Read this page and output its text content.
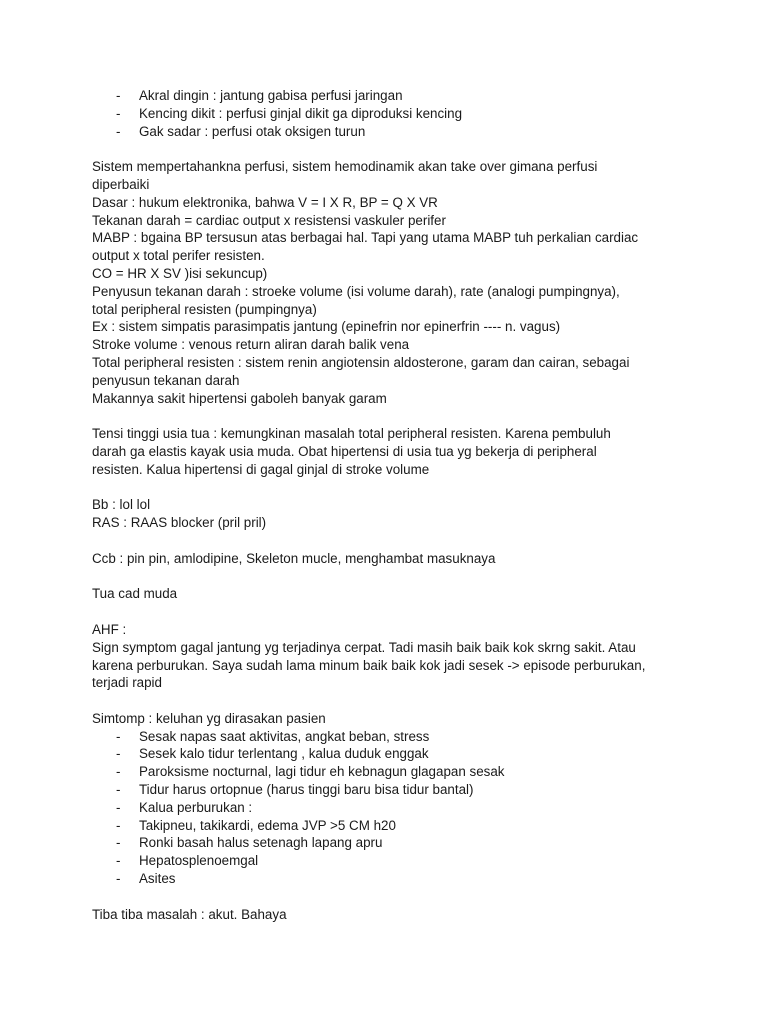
- Akral dingin : jantung gabisa perfusi jaringan
- Kencing dikit : perfusi ginjal dikit ga diproduksi kencing
- Gak sadar : perfusi otak oksigen turun
Sistem mempertahankna perfusi, sistem hemodinamik akan take over gimana perfusi
diperbaiki
Dasar : hukum elektronika, bahwa V = I X R, BP = Q X VR
Tekanan darah = cardiac output x resistensi vaskuler perifer
MABP : bgaina BP tersusun atas berbagai hal. Tapi yang utama MABP tuh perkalian cardiac
output x total perifer resisten.
CO = HR X SV )isi sekuncup)
Penyusun tekanan darah : stroeke volume (isi volume darah), rate (analogi pumpingnya),
total peripheral resisten (pumpingnya)
Ex : sistem simpatis parasimpatis jantung (epinefrin nor epinerfrin ---- n. vagus)
Stroke volume : venous return aliran darah balik vena
Total peripheral resisten : sistem renin angiotensin aldosterone, garam dan cairan, sebagai
penyusun tekanan darah
Makannya sakit hipertensi gaboleh banyak garam
Tensi tinggi usia tua : kemungkinan masalah total peripheral resisten. Karena pembuluh
darah ga elastis kayak usia muda. Obat hipertensi di usia tua yg bekerja di peripheral
resisten. Kalua hipertensi di gagal ginjal di stroke volume
Bb : lol lol
RAS : RAAS blocker (pril pril)
Ccb : pin pin, amlodipine, Skeleton mucle, menghambat masuknaya
Tua cad muda
AHF :
Sign symptom gagal jantung yg terjadinya cerpat. Tadi masih baik baik kok skrng sakit. Atau
karena perburukan. Saya sudah lama minum baik baik kok jadi sesek -> episode perburukan,
terjadi rapid
Simtomp : keluhan yg dirasakan pasien
- Sesak napas saat aktivitas, angkat beban, stress
- Sesek kalo tidur terlentang , kalua duduk enggak
- Paroksisme nocturnal, lagi tidur eh kebnagun glagapan sesak
- Tidur harus ortopnue (harus tinggi baru bisa tidur bantal)
- Kalua perburukan :
- Takipneu, takikardi, edema JVP >5 CM h20
- Ronki basah halus setenagh lapang apru
- Hepatosplenoemgal
- Asites
Tiba tiba masalah : akut. Bahaya
